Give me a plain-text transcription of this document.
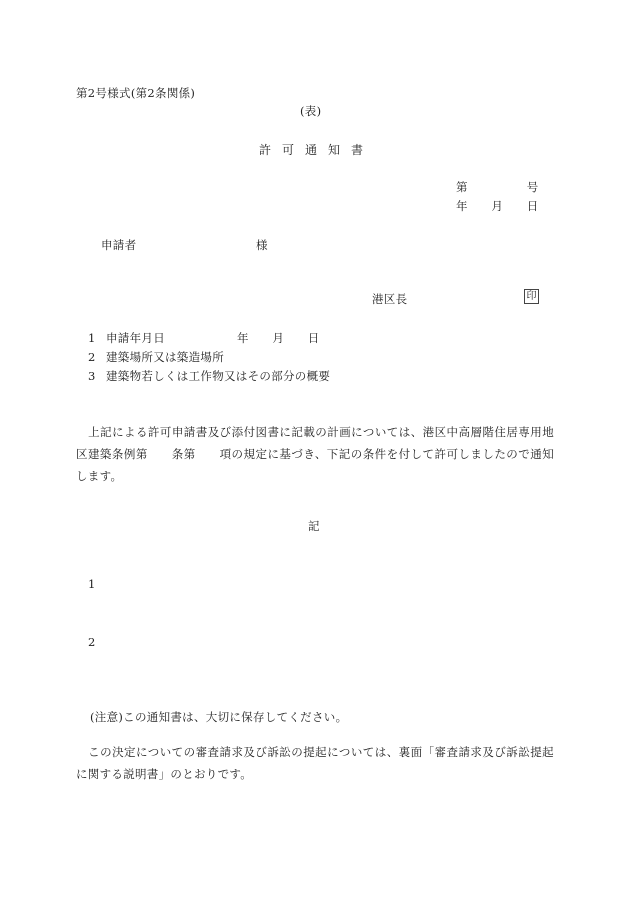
第2号様式(第2条関係)
(表)
許可通知書
第　　　　　号
年　　月　　日
申請者	様
港区長	印
1 申請年月日	年　　月　　日
2 建築場所又は築造場所
3 建築物若しくは工作物又はその部分の概要
上記による許可申請書及び添付図書に記載の計画については、港区中高層階住居専用地区建築条例第　　条第　　項の規定に基づき、下記の条件を付して許可しましたので通知します。
記
1
2
(注意)この通知書は、大切に保存してください。
この決定についての審査請求及び訴訟の提起については、裏面「審査請求及び訴訟提起に関する説明書」のとおりです。
